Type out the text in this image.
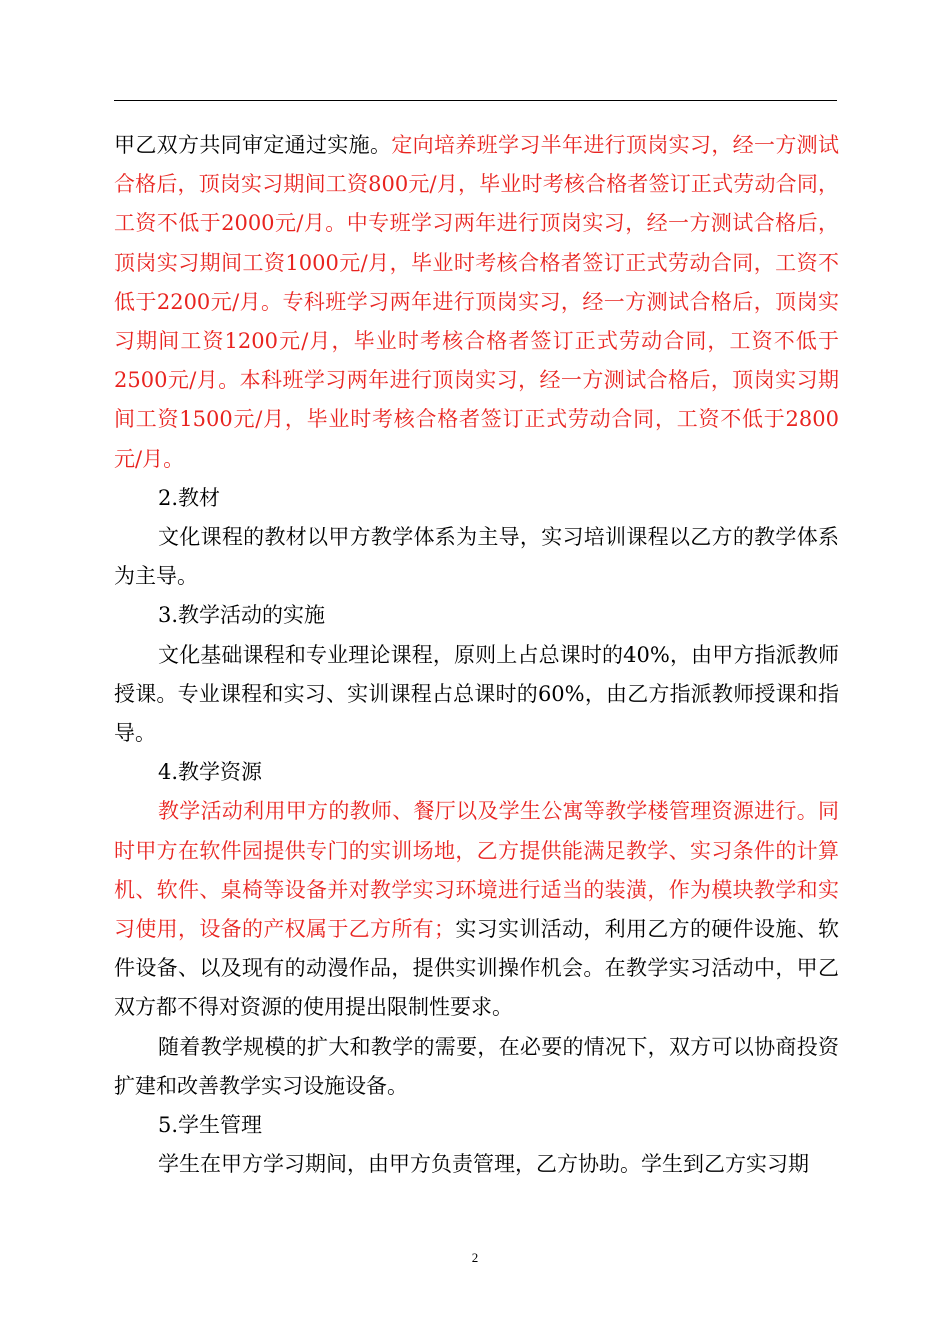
甲乙双方共同审定通过实施。定向培养班学习半年进行顶岗实习，经一方测试合格后，顶岗实习期间工资800元/月，毕业时考核合格者签订正式劳动合同，工资不低于2000元/月。中专班学习两年进行顶岗实习，经一方测试合格后，顶岗实习期间工资1000元/月，毕业时考核合格者签订正式劳动合同，工资不低于2200元/月。专科班学习两年进行顶岗实习，经一方测试合格后，顶岗实习期间工资1200元/月，毕业时考核合格者签订正式劳动合同，工资不低于2500元/月。本科班学习两年进行顶岗实习，经一方测试合格后，顶岗实习期间工资1500元/月，毕业时考核合格者签订正式劳动合同，工资不低于2800元/月。

2.教材

文化课程的教材以甲方教学体系为主导，实习培训课程以乙方的教学体系为主导。

3.教学活动的实施

文化基础课程和专业理论课程，原则上占总课时的40%，由甲方指派教师授课。专业课程和实习、实训课程占总课时的60%，由乙方指派教师授课和指导。

4.教学资源

教学活动利用甲方的教师、餐厅以及学生公寓等教学楼管理资源进行。同时甲方在软件园提供专门的实训场地，乙方提供能满足教学、实习条件的计算机、软件、桌椅等设备并对教学实习环境进行适当的装潢，作为模块教学和实习使用，设备的产权属于乙方所有；实习实训活动，利用乙方的硬件设施、软件设备、以及现有的动漫作品，提供实训操作机会。在教学实习活动中，甲乙双方都不得对资源的使用提出限制性要求。

随着教学规模的扩大和教学的需要，在必要的情况下，双方可以协商投资扩建和改善教学实习设施设备。

5.学生管理

学生在甲方学习期间，由甲方负责管理，乙方协助。学生到乙方实习期

2
